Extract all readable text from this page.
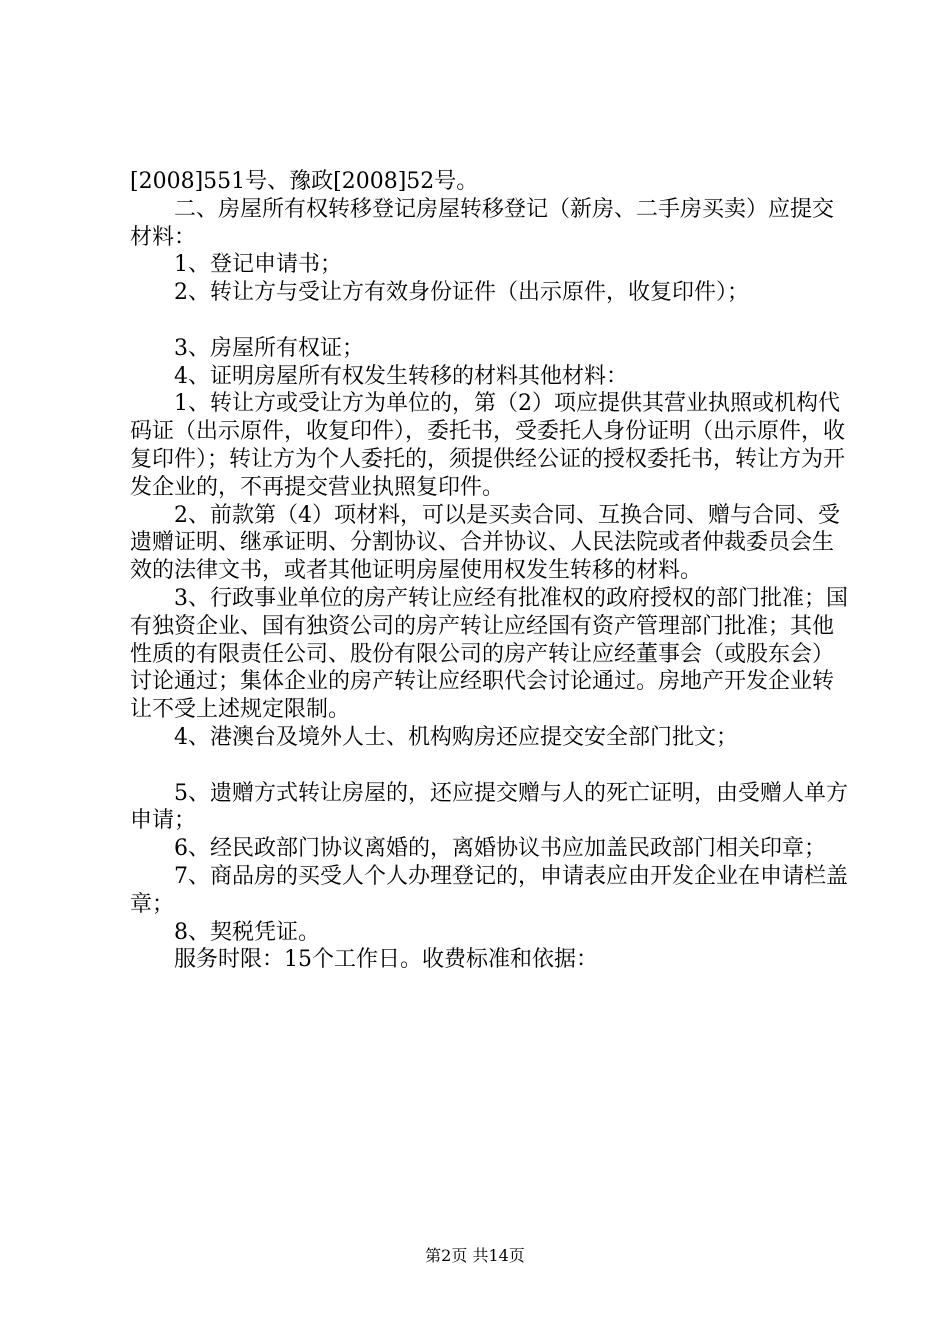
[2008]551号、豫政[2008]52号。

二、房屋所有权转移登记房屋转移登记（新房、二手房买卖）应提交材料：

1、登记申请书；

2、转让方与受让方有效身份证件（出示原件，收复印件）；

3、房屋所有权证；

4、证明房屋所有权发生转移的材料其他材料：

1、转让方或受让方为单位的，第（2）项应提供其营业执照或机构代码证（出示原件，收复印件），委托书，受委托人身份证明（出示原件，收复印件）；转让方为个人委托的，须提供经公证的授权委托书，转让方为开发企业的，不再提交营业执照复印件。

2、前款第（4）项材料，可以是买卖合同、互换合同、赠与合同、受遗赠证明、继承证明、分割协议、合并协议、人民法院或者仲裁委员会生效的法律文书，或者其他证明房屋使用权发生转移的材料。

3、行政事业单位的房产转让应经有批准权的政府授权的部门批准；国有独资企业、国有独资公司的房产转让应经国有资产管理部门批准；其他性质的有限责任公司、股份有限公司的房产转让应经董事会（或股东会）讨论通过；集体企业的房产转让应经职代会讨论通过。房地产开发企业转让不受上述规定限制。

4、港澳台及境外人士、机构购房还应提交安全部门批文；

5、遗赠方式转让房屋的，还应提交赠与人的死亡证明，由受赠人单方申请；

6、经民政部门协议离婚的，离婚协议书应加盖民政部门相关印章；

7、商品房的买受人个人办理登记的，申请表应由开发企业在申请栏盖章；

8、契税凭证。

服务时限：15个工作日。收费标准和依据：

第2页 共14页
